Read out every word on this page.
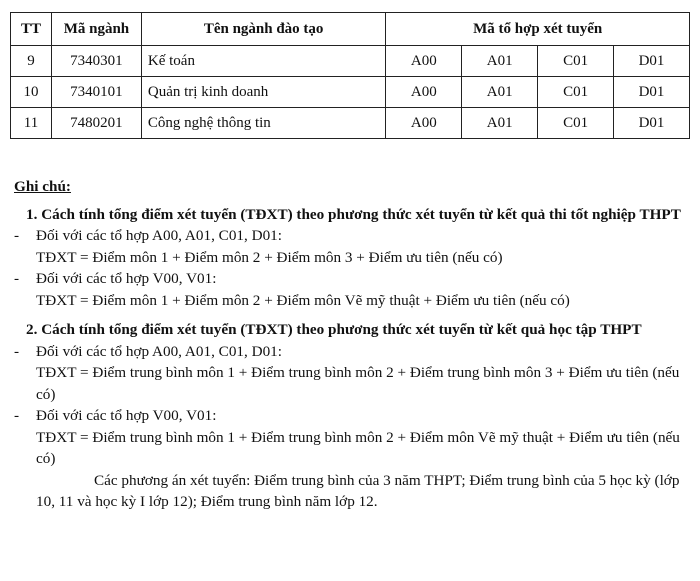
TT	Mã ngành	Tên ngành đào tạo	Mã tổ hợp xét tuyển			
9	7340301	Kế toán	A00	A01	C01	D01
10	7340101	Quản trị kinh doanh	A00	A01	C01	D01
11	7480201	Công nghệ thông tin	A00	A01	C01	D01

Ghi chú:

1. Cách tính tổng điểm xét tuyển (TĐXT) theo phương thức xét tuyển từ kết quả thi tốt nghiệp THPT

- Đối với các tổ hợp A00, A01, C01, D01:

TĐXT = Điểm môn 1 + Điểm môn 2 + Điểm môn 3 + Điểm ưu tiên (nếu có)

- Đối với các tổ hợp V00, V01:

TĐXT = Điểm môn 1 + Điểm môn 2 + Điểm môn Vẽ mỹ thuật + Điểm ưu tiên (nếu có)

2. Cách tính tổng điểm xét tuyển (TĐXT) theo phương thức xét tuyển từ kết quả học tập THPT

- Đối với các tổ hợp A00, A01, C01, D01:

TĐXT = Điểm trung bình môn 1 + Điểm trung bình môn 2 + Điểm trung bình môn 3 + Điểm ưu tiên (nếu có)

- Đối với các tổ hợp V00, V01:

TĐXT = Điểm trung bình môn 1 + Điểm trung bình môn 2 + Điểm môn Vẽ mỹ thuật + Điểm ưu tiên (nếu có)

Các phương án xét tuyển: Điểm trung bình của 3 năm THPT; Điểm trung bình của 5 học kỳ (lớp 10, 11 và học kỳ I lớp 12); Điểm trung bình năm lớp 12.
